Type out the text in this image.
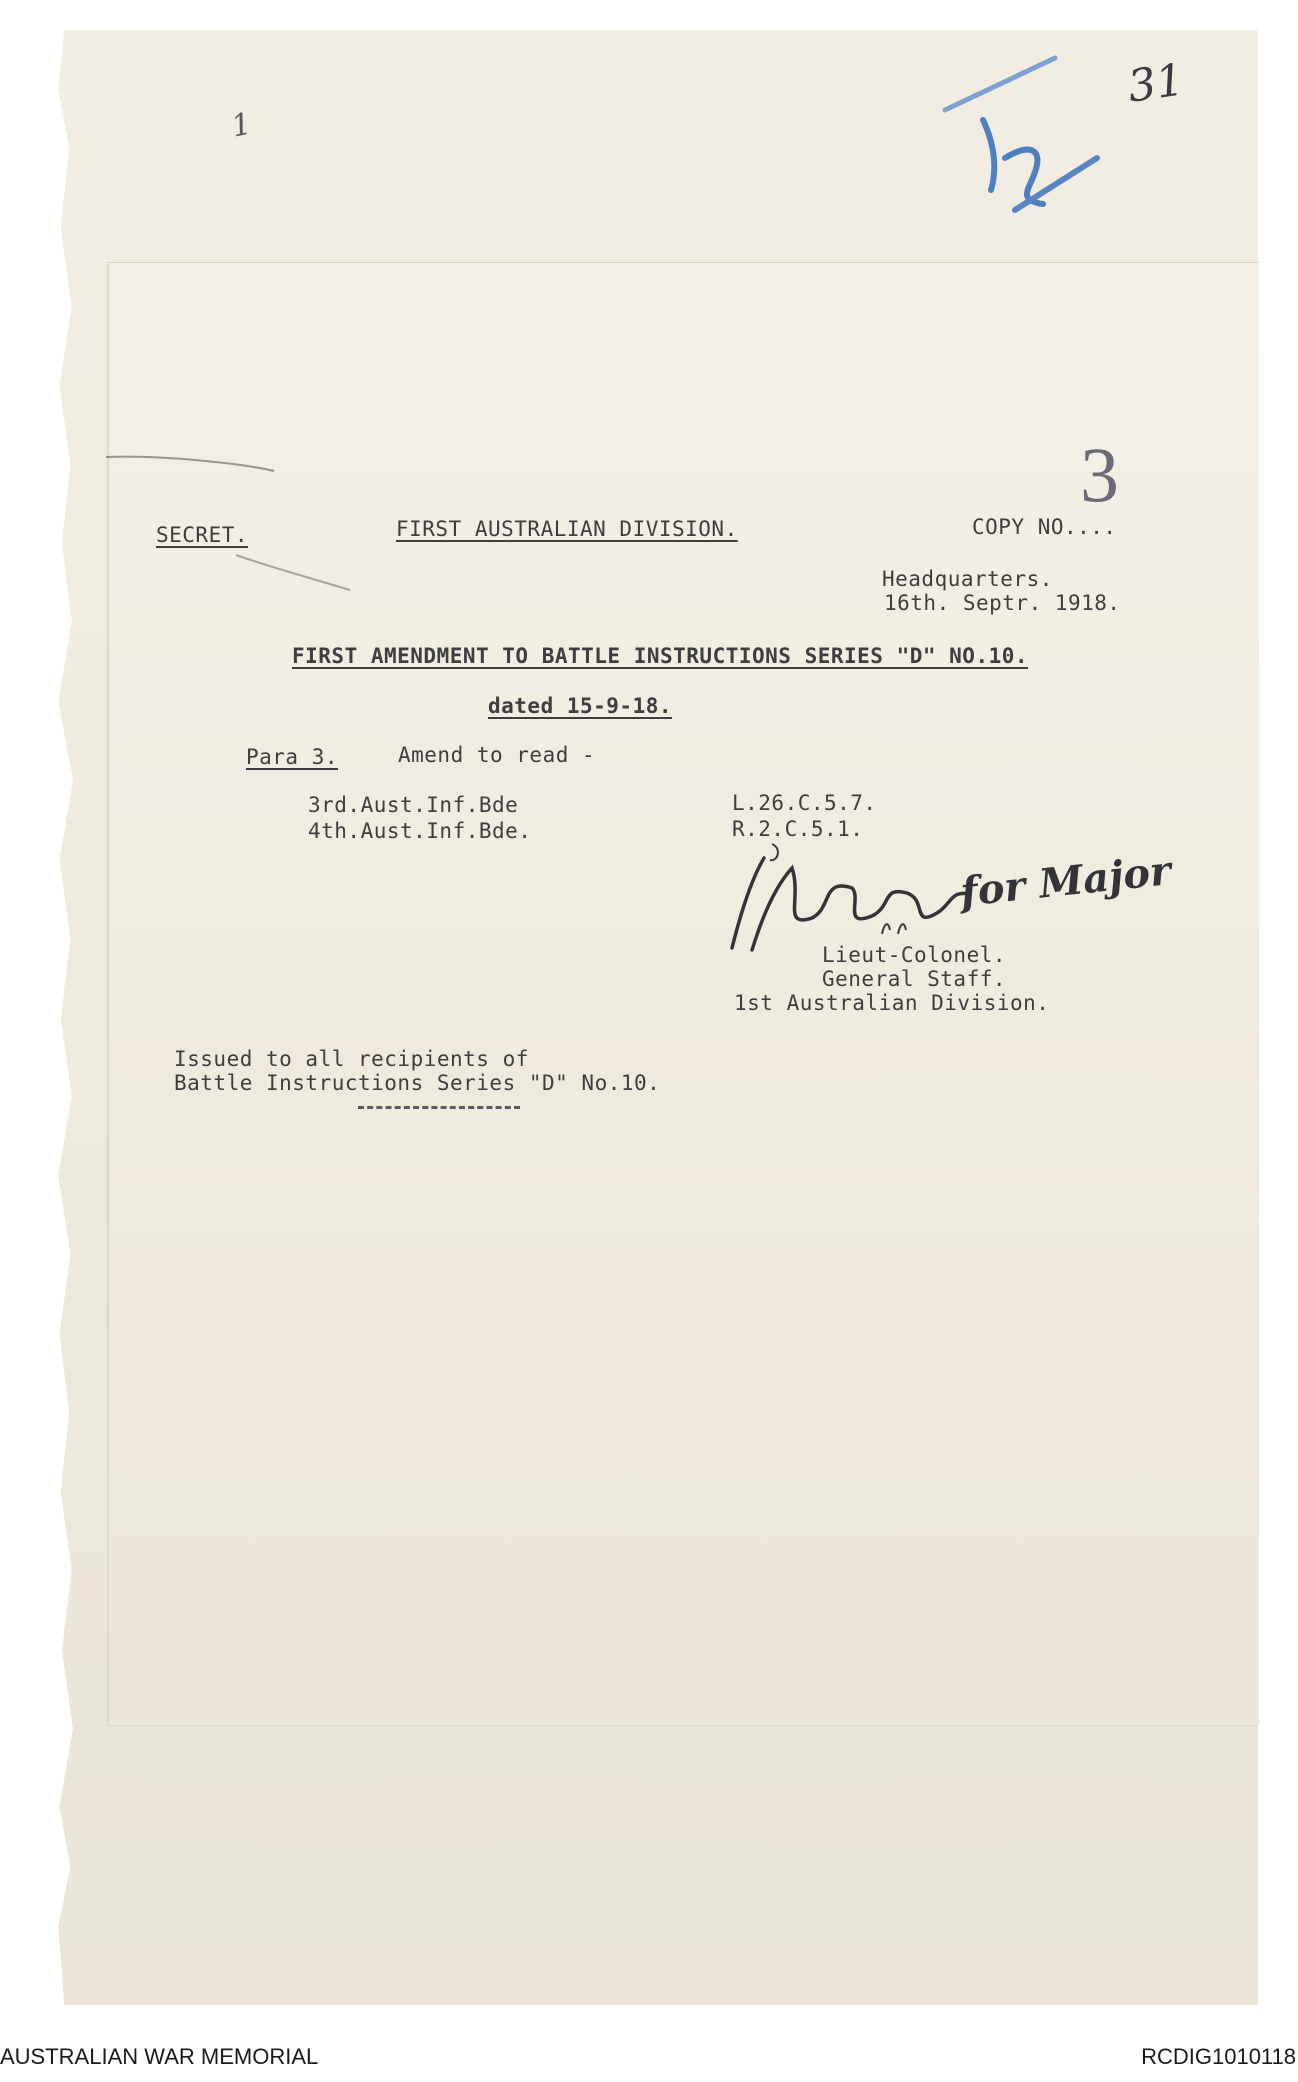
1
31
SECRET.	FIRST AUSTRALIAN DIVISION.	COPY NO....
3
Headquarters.
16th. Septr. 1918.
FIRST AMENDMENT TO BATTLE INSTRUCTIONS SERIES "D" NO.10.
dated 15-9-18.
Para 3.	Amend to read -
3rd.Aust.Inf.Bde	L.26.C.5.7.
4th.Aust.Inf.Bde.	R.2.C.5.1.
for Major
Lieut-Colonel.
General Staff.
1st Australian Division.
Issued to all recipients of
Battle Instructions Series "D" No.10.
AUSTRALIAN WAR MEMORIAL	RCDIG1010118
